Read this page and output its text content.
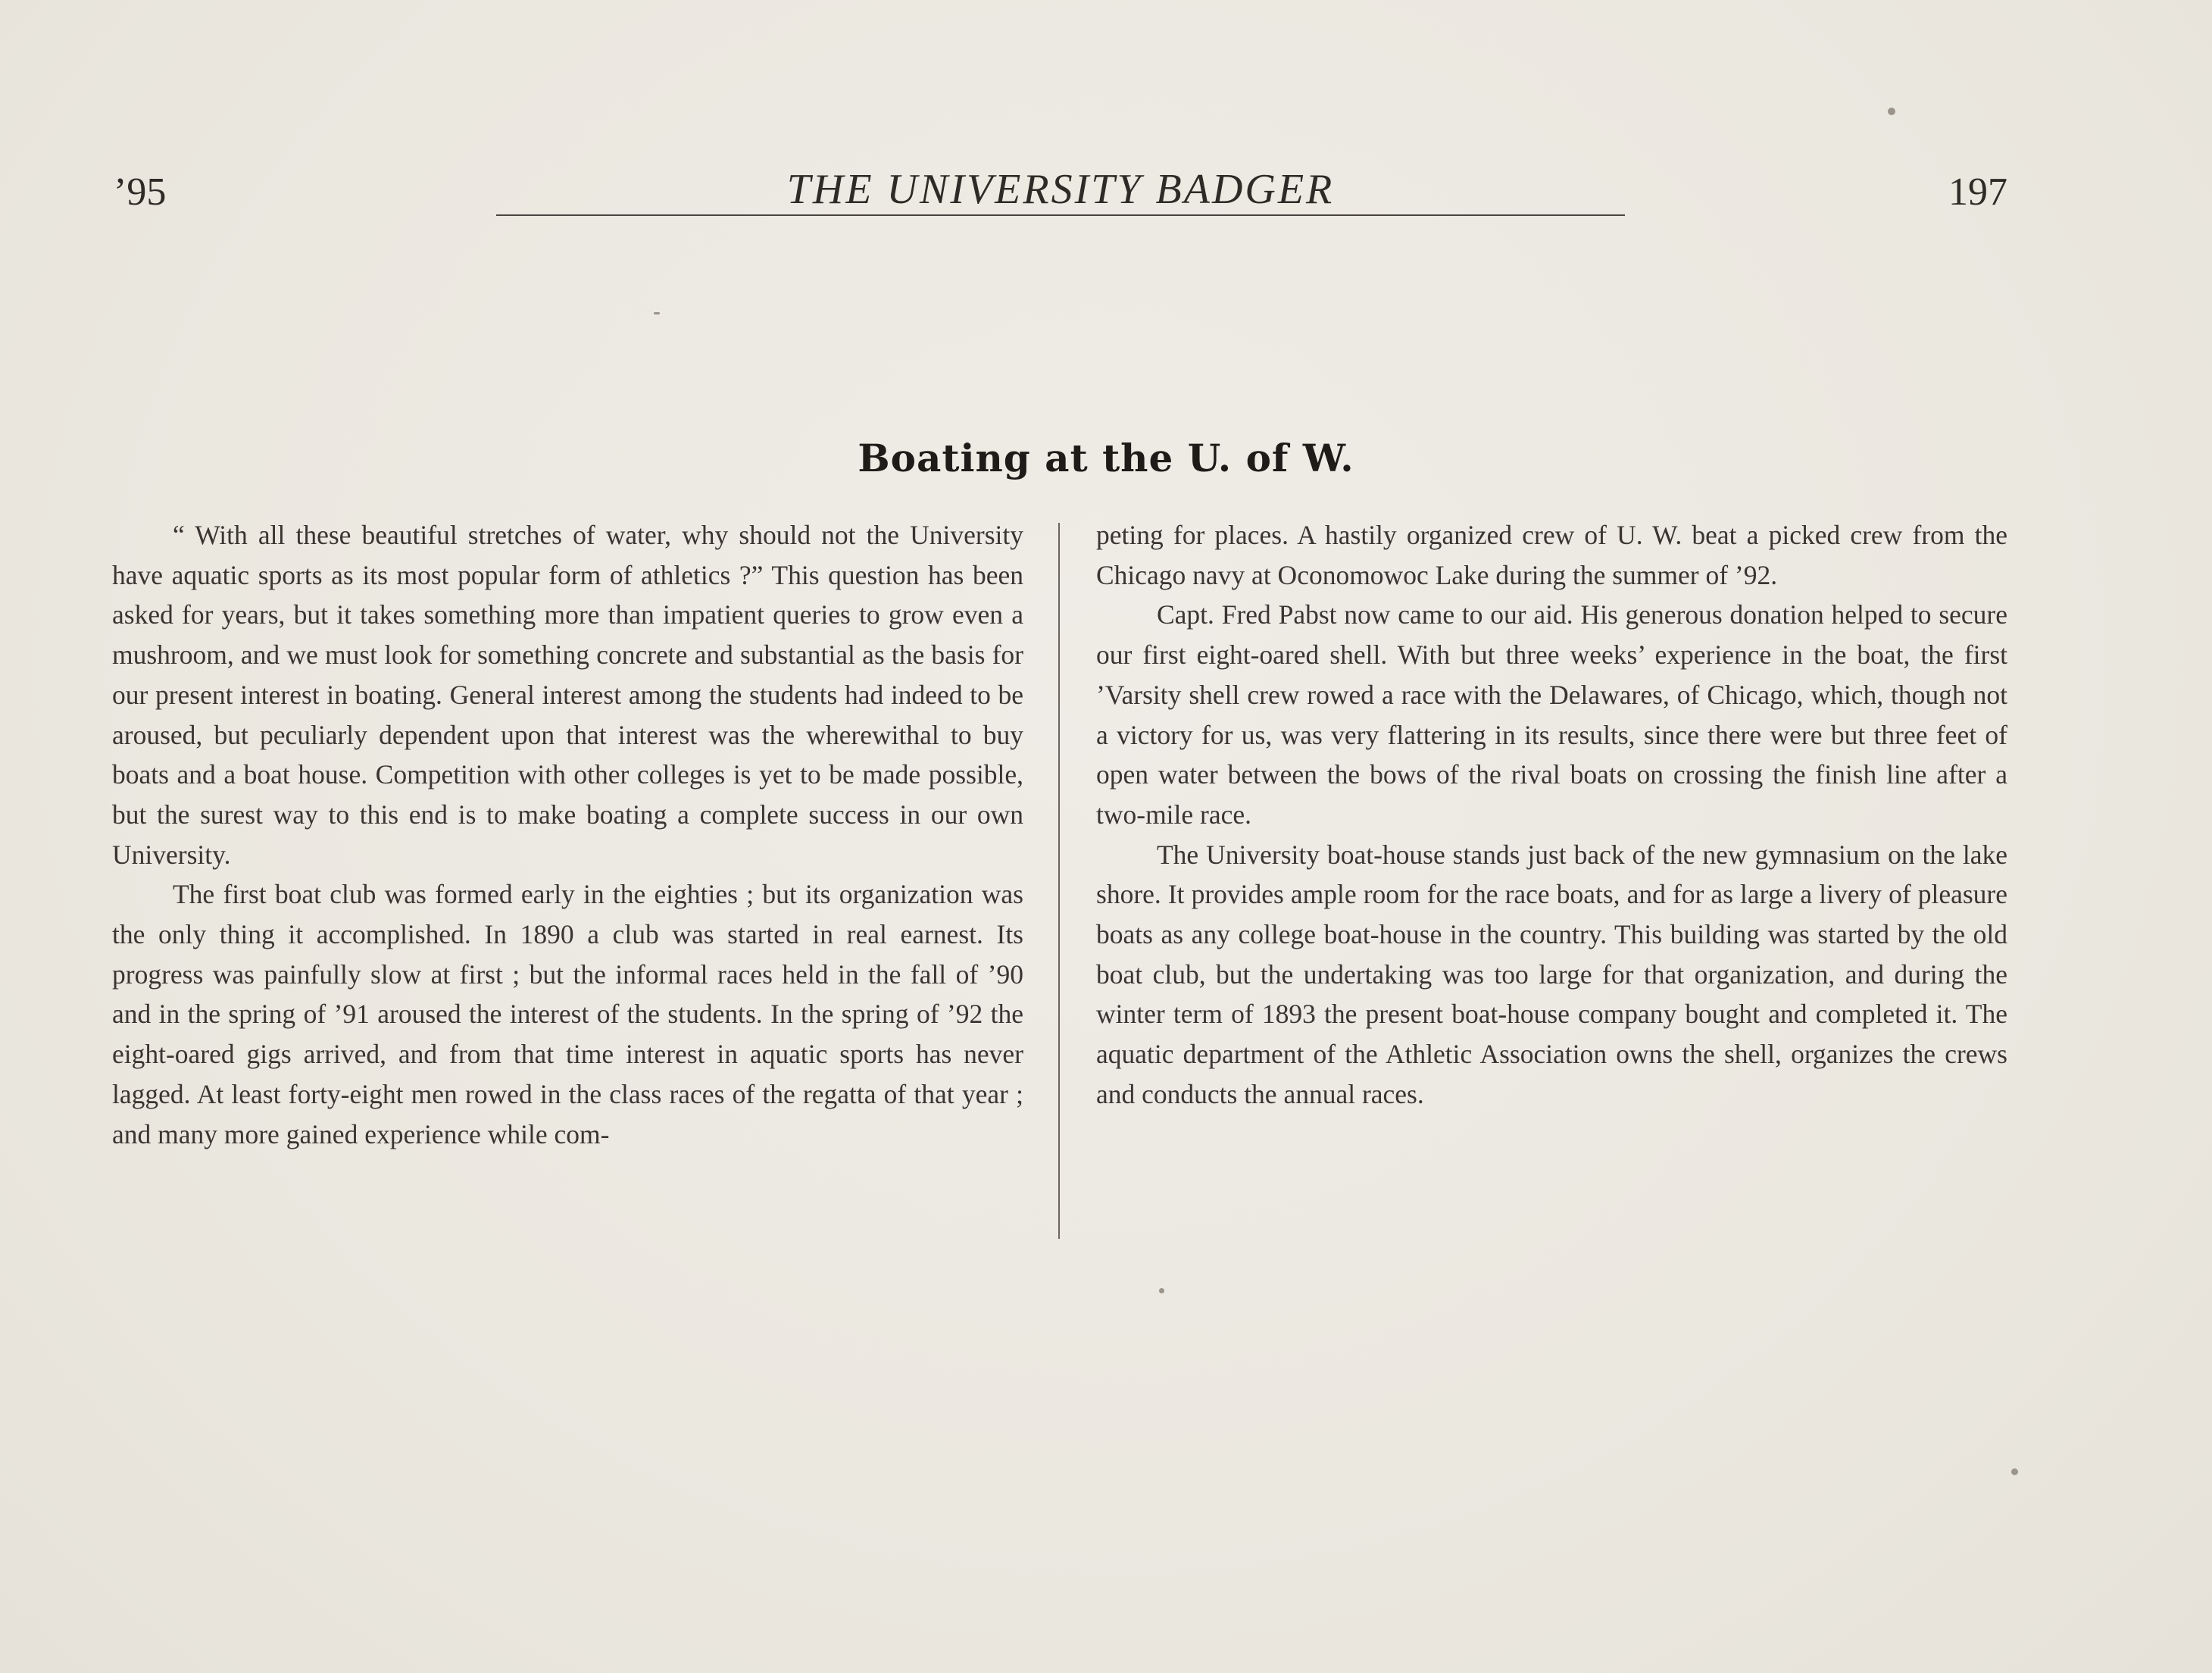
’95	THE UNIVERSITY BADGER	197
Boating at the U. of W.

“ With all these beautiful stretches of water, why should not the University have aquatic sports as its most popular form of athletics ?” This question has been asked for years, but it takes something more than impatient queries to grow even a mushroom, and we must look for something concrete and substantial as the basis for our present interest in boating. General interest among the students had indeed to be aroused, but peculiarly dependent upon that interest was the wherewithal to buy boats and a boat house. Competition with other colleges is yet to be made possible, but the surest way to this end is to make boating a complete success in our own University.

The first boat club was formed early in the eighties ; but its organization was the only thing it accomplished. In 1890 a club was started in real earnest. Its progress was painfully slow at first ; but the informal races held in the fall of ’90 and in the spring of ’91 aroused the interest of the students. In the spring of ’92 the eight-oared gigs arrived, and from that time interest in aquatic sports has never lagged. At least forty-eight men rowed in the class races of the regatta of that year ; and many more gained experience while com-

peting for places. A hastily organized crew of U. W. beat a picked crew from the Chicago navy at Oconomowoc Lake during the summer of ’92.

Capt. Fred Pabst now came to our aid. His generous donation helped to secure our first eight-oared shell. With but three weeks’ experience in the boat, the first ’Varsity shell crew rowed a race with the Delawares, of Chicago, which, though not a victory for us, was very flattering in its results, since there were but three feet of open water between the bows of the rival boats on crossing the finish line after a two-mile race.

The University boat-house stands just back of the new gymnasium on the lake shore. It provides ample room for the race boats, and for as large a livery of pleasure boats as any college boat-house in the country. This building was started by the old boat club, but the undertaking was too large for that organization, and during the winter term of 1893 the present boat-house company bought and completed it. The aquatic department of the Athletic Association owns the shell, organizes the crews and conducts the annual races.
